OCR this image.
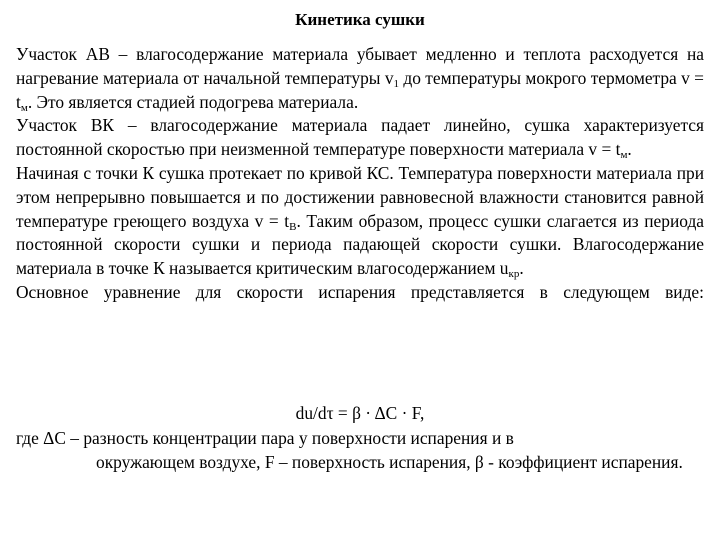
Кинетика сушки

Участок АВ – влагосодержание материала убывает медленно и теплота расходуется на нагревание материала от начальной температуры $v_1$ до температуры мокрого термометра $v = t_м$. Это является стадией подогрева материала.

Участок ВК – влагосодержание материала падает линейно, сушка характеризуется постоянной скоростью при неизменной температуре поверхности материала $v = t_м$.

Начиная с точки К сушка протекает по кривой КС. Температура поверхности материала при этом непрерывно повышается и по достижении равновесной влажности становится равной температуре греющего воздуха $v = t_В$. Таким образом, процесс сушки слагается из периода постоянной скорости сушки и периода падающей скорости сушки. Влагосодержание материала в точке К называется критическим влагосодержанием $u_{кр}$.

Основное уравнение для скорости испарения представляется в следующем виде:

du/dτ = β · ΔC · F,
где ΔС – разность концентрации пара у поверхности испарения и в
окружающем воздухе, F – поверхность испарения, β - коэффициент испарения.
